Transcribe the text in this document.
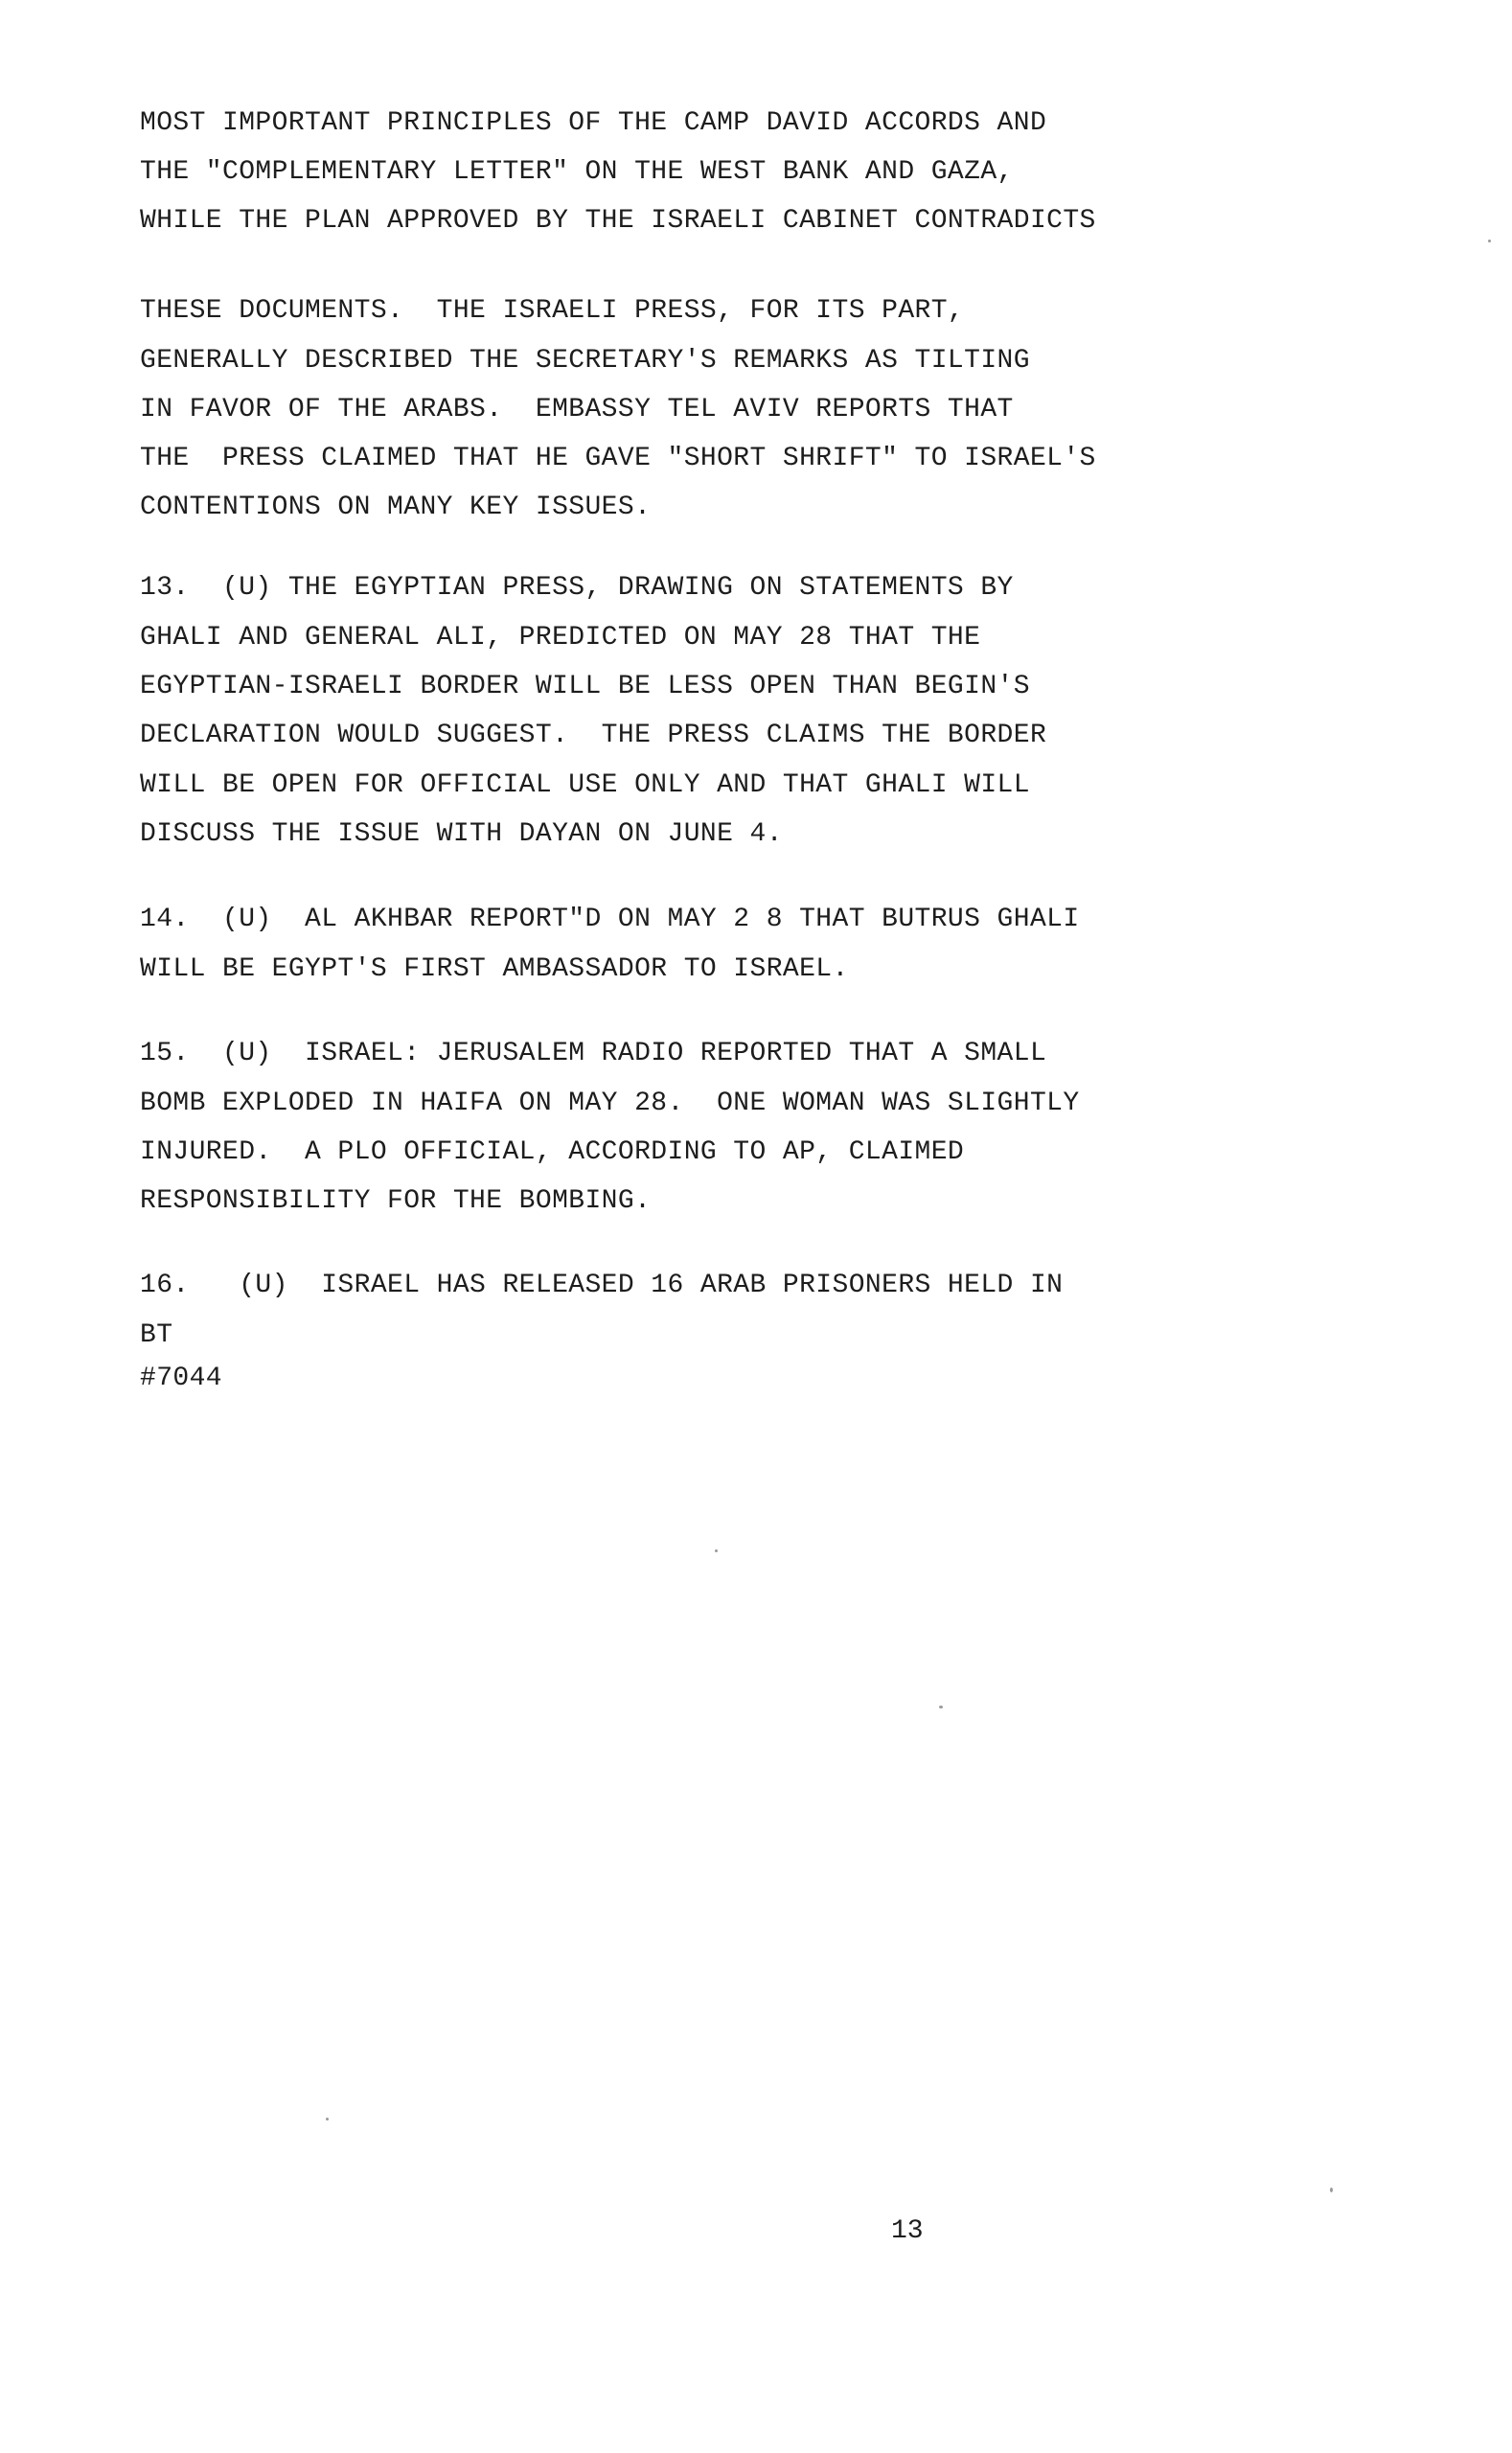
MOST IMPORTANT PRINCIPLES OF THE CAMP DAVID ACCORDS AND

THE "COMPLEMENTARY LETTER" ON THE WEST BANK AND GAZA,

WHILE THE PLAN APPROVED BY THE ISRAELI CABINET CONTRADICTS

THESE DOCUMENTS.  THE ISRAELI PRESS, FOR ITS PART,

GENERALLY DESCRIBED THE SECRETARY'S REMARKS AS TILTING

IN FAVOR OF THE ARABS.  EMBASSY TEL AVIV REPORTS THAT

THE  PRESS CLAIMED THAT HE GAVE "SHORT SHRIFT" TO ISRAEL'S

CONTENTIONS ON MANY KEY ISSUES.

13.  (U) THE EGYPTIAN PRESS, DRAWING ON STATEMENTS BY

GHALI AND GENERAL ALI, PREDICTED ON MAY 28 THAT THE

EGYPTIAN-ISRAELI BORDER WILL BE LESS OPEN THAN BEGIN'S

DECLARATION WOULD SUGGEST.  THE PRESS CLAIMS THE BORDER

WILL BE OPEN FOR OFFICIAL USE ONLY AND THAT GHALI WILL

DISCUSS THE ISSUE WITH DAYAN ON JUNE 4.

14.  (U)  AL AKHBAR REPORT"D ON MAY 2 8 THAT BUTRUS GHALI

WILL BE EGYPT'S FIRST AMBASSADOR TO ISRAEL.

15.  (U)  ISRAEL: JERUSALEM RADIO REPORTED THAT A SMALL

BOMB EXPLODED IN HAIFA ON MAY 28.  ONE WOMAN WAS SLIGHTLY

INJURED.  A PLO OFFICIAL, ACCORDING TO AP, CLAIMED

RESPONSIBILITY FOR THE BOMBING.

16.   (U)  ISRAEL HAS RELEASED 16 ARAB PRISONERS HELD IN

BT

#7044

13
